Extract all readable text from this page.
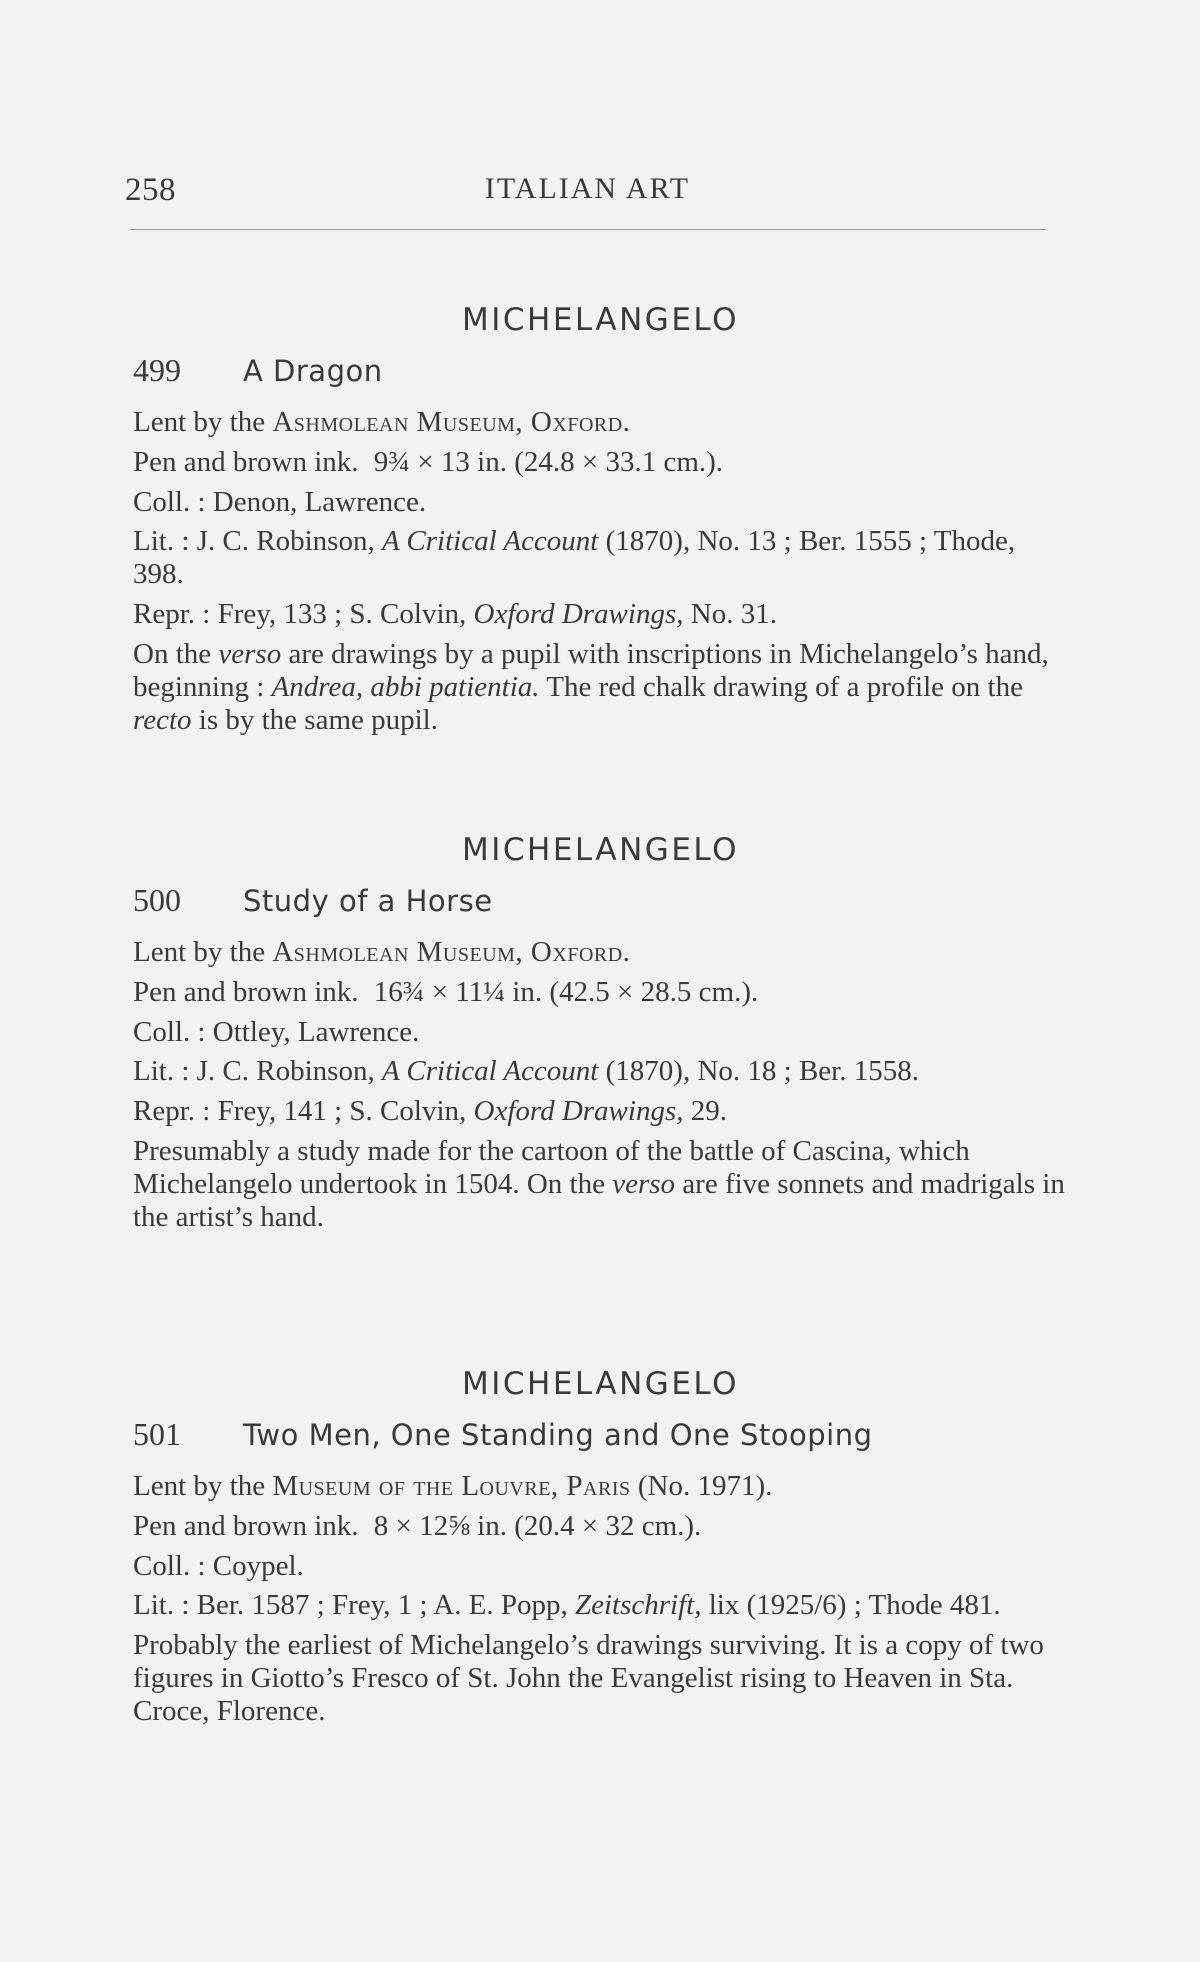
258	ITALIAN ART
MICHELANGELO
499	A Dragon
Lent by the Ashmolean Museum, Oxford.
Pen and brown ink. 9¾ × 13 in. (24.8 × 33.1 cm.).
Coll. : Denon, Lawrence.
Lit. : J. C. Robinson, A Critical Account (1870), No. 13 ; Ber. 1555 ; Thode, 398.
Repr. : Frey, 133 ; S. Colvin, Oxford Drawings, No. 31.
On the verso are drawings by a pupil with inscriptions in Michelangelo’s hand, beginning : Andrea, abbi patientia. The red chalk drawing of a profile on the recto is by the same pupil.
MICHELANGELO
500	Study of a Horse
Lent by the Ashmolean Museum, Oxford.
Pen and brown ink. 16¾ × 11¼ in. (42.5 × 28.5 cm.).
Coll. : Ottley, Lawrence.
Lit. : J. C. Robinson, A Critical Account (1870), No. 18 ; Ber. 1558.
Repr. : Frey, 141 ; S. Colvin, Oxford Drawings, 29.
Presumably a study made for the cartoon of the battle of Cascina, which Michelangelo undertook in 1504. On the verso are five sonnets and madrigals in the artist’s hand.
MICHELANGELO
501	Two Men, One Standing and One Stooping
Lent by the Museum of the Louvre, Paris (No. 1971).
Pen and brown ink. 8 × 12⅝ in. (20.4 × 32 cm.).
Coll. : Coypel.
Lit. : Ber. 1587 ; Frey, 1 ; A. E. Popp, Zeitschrift, lix (1925/6) ; Thode 481.
Probably the earliest of Michelangelo’s drawings surviving. It is a copy of two figures in Giotto’s Fresco of St. John the Evangelist rising to Heaven in Sta. Croce, Florence.
